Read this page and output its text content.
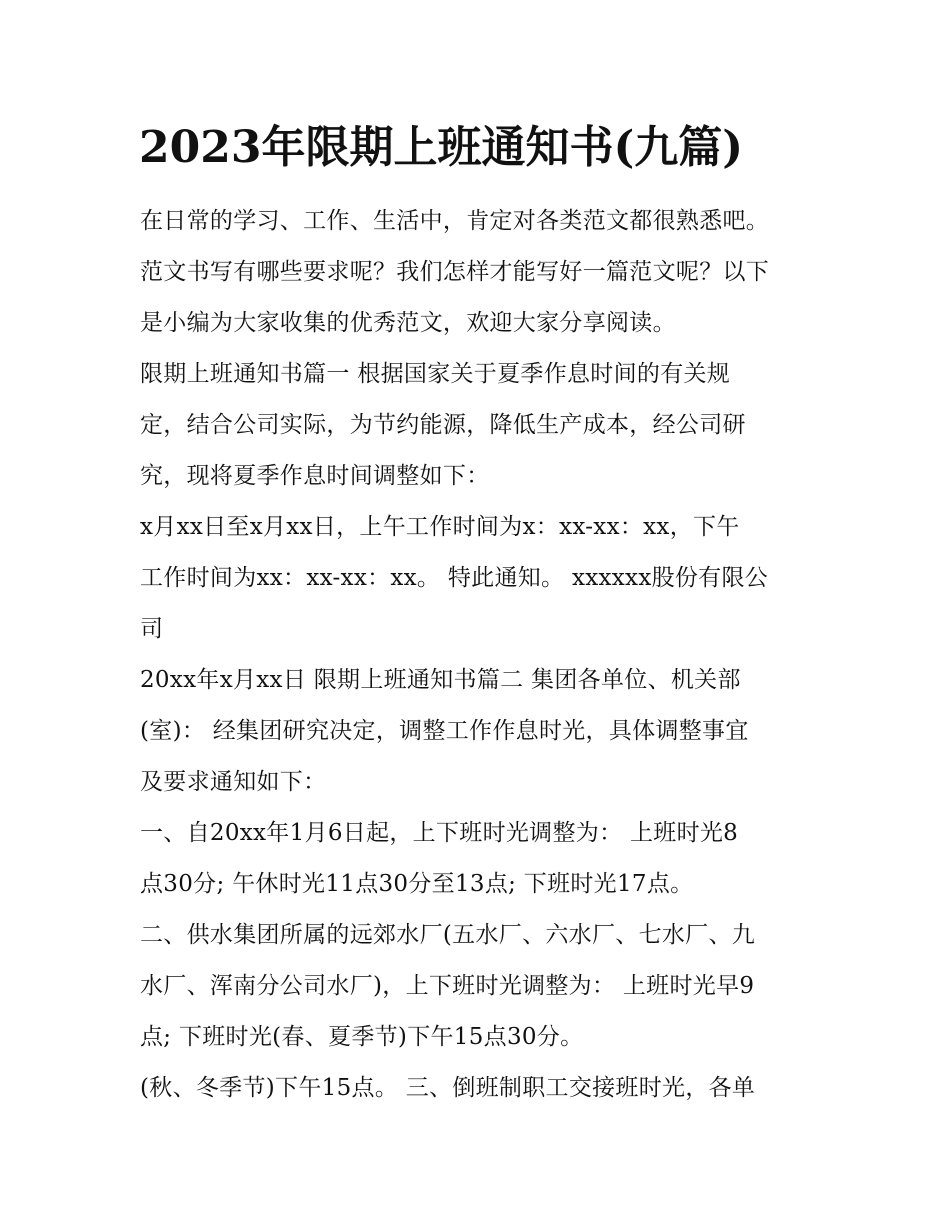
2023年限期上班通知书(九篇)

在日常的学习、工作、生活中，肯定对各类范文都很熟悉吧。

范文书写有哪些要求呢？我们怎样才能写好一篇范文呢？以下

是小编为大家收集的优秀范文，欢迎大家分享阅读。

限期上班通知书篇一 根据国家关于夏季作息时间的有关规

定，结合公司实际，为节约能源，降低生产成本，经公司研

究，现将夏季作息时间调整如下：

x月xx日至x月xx日，上午工作时间为x：xx-xx：xx，下午

工作时间为xx：xx-xx：xx。 特此通知。 xxxxxx股份有限公

司

20xx年x月xx日 限期上班通知书篇二 集团各单位、机关部

(室)： 经集团研究决定，调整工作作息时光，具体调整事宜

及要求通知如下：

一、自20xx年1月6日起，上下班时光调整为： 上班时光8

点30分; 午休时光11点30分至13点; 下班时光17点。

二、供水集团所属的远郊水厂(五水厂、六水厂、七水厂、九

水厂、浑南分公司水厂)，上下班时光调整为： 上班时光早9

点; 下班时光(春、夏季节)下午15点30分。

(秋、冬季节)下午15点。 三、倒班制职工交接班时光，各单
